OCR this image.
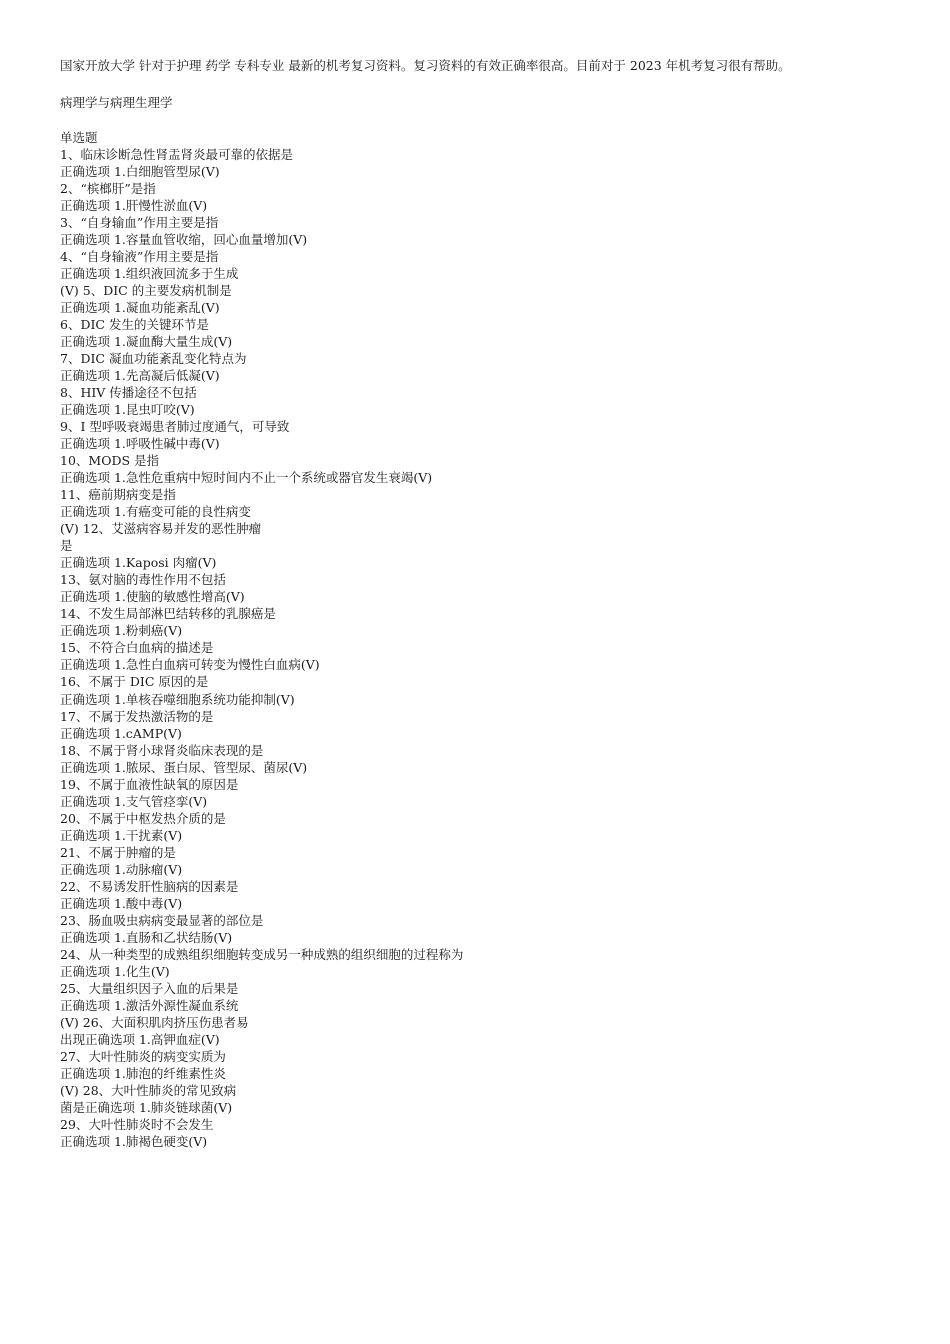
国家开放大学 针对于护理 药学 专科专业 最新的机考复习资料。复习资料的有效正确率很高。目前对于 2023 年机考复习很有帮助。
病理学与病理生理学
单选题
1、临床诊断急性肾盂肾炎最可靠的依据是
正确选项 1.白细胞管型尿(V)
2、“槟榔肝”是指
正确选项 1.肝慢性淤血(V)
3、“自身输血”作用主要是指
正确选项 1.容量血管收缩，回心血量增加(V)
4、“自身输液”作用主要是指
正确选项 1.组织液回流多于生成
(V) 5、DIC 的主要发病机制是
正确选项 1.凝血功能紊乱(V)
6、DIC 发生的关键环节是
正确选项 1.凝血酶大量生成(V)
7、DIC 凝血功能紊乱变化特点为
正确选项 1.先高凝后低凝(V)
8、HIV 传播途径不包括
正确选项 1.昆虫叮咬(V)
9、I 型呼吸衰竭患者肺过度通气，可导致
正确选项 1.呼吸性碱中毒(V)
10、MODS 是指
正确选项 1.急性危重病中短时间内不止一个系统或器官发生衰竭(V)
11、癌前期病变是指
正确选项 1.有癌变可能的良性病变
(V) 12、艾滋病容易并发的恶性肿瘤
是
正确选项 1.Kaposi 肉瘤(V)
13、氨对脑的毒性作用不包括
正确选项 1.使脑的敏感性增高(V)
14、不发生局部淋巴结转移的乳腺癌是
正确选项 1.粉刺癌(V)
15、不符合白血病的描述是
正确选项 1.急性白血病可转变为慢性白血病(V)
16、不属于 DIC 原因的是
正确选项 1.单核吞噬细胞系统功能抑制(V)
17、不属于发热激活物的是
正确选项 1.cAMP(V)
18、不属于肾小球肾炎临床表现的是
正确选项 1.脓尿、蛋白尿、管型尿、菌尿(V)
19、不属于血液性缺氧的原因是
正确选项 1.支气管痉挛(V)
20、不属于中枢发热介质的是
正确选项 1.干扰素(V)
21、不属于肿瘤的是
正确选项 1.动脉瘤(V)
22、不易诱发肝性脑病的因素是
正确选项 1.酸中毒(V)
23、肠血吸虫病病变最显著的部位是
正确选项 1.直肠和乙状结肠(V)
24、从一种类型的成熟组织细胞转变成另一种成熟的组织细胞的过程称为
正确选项 1.化生(V)
25、大量组织因子入血的后果是
正确选项 1.激活外源性凝血系统
(V) 26、大面积肌肉挤压伤患者易
出现正确选项 1.高钾血症(V)
27、大叶性肺炎的病变实质为
正确选项 1.肺泡的纤维素性炎
(V) 28、大叶性肺炎的常见致病
菌是正确选项 1.肺炎链球菌(V)
29、大叶性肺炎时不会发生
正确选项 1.肺褐色硬变(V)
